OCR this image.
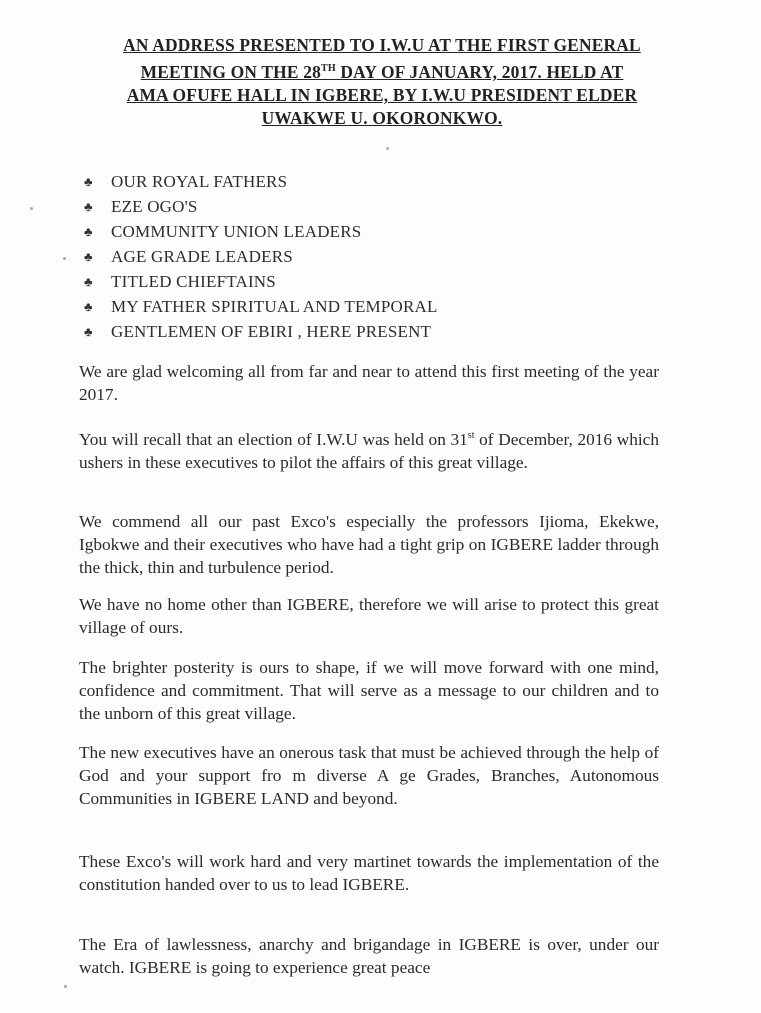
AN ADDRESS PRESENTED TO I.W.U AT THE FIRST GENERAL
MEETING ON THE 28TH DAY OF JANUARY, 2017. HELD AT
AMA OFUFE HALL IN IGBERE, BY I.W.U PRESIDENT ELDER
UWAKWE U. OKORONKWO.
♣ OUR ROYAL FATHERS
♣ EZE OGO'S
♣ COMMUNITY UNION LEADERS
♣ AGE GRADE LEADERS
♣ TITLED CHIEFTAINS
♣ MY FATHER SPIRITUAL AND TEMPORAL
♣ GENTLEMEN OF EBIRI , HERE PRESENT

We are glad welcoming all from far and near to attend this first meeting of the year 2017.

You will recall that an election of I.W.U was held on 31st of December, 2016 which ushers in these executives to pilot the affairs of this great village.

We commend all our past Exco's especially the professors Ijioma, Ekekwe, Igbokwe and their executives who have had a tight grip on IGBERE ladder through the thick, thin and turbulence period.

We have no home other than IGBERE, therefore we will arise to protect this great village of ours.

The brighter posterity is ours to shape, if we will move forward with one mind, confidence and commitment. That will serve as a message to our children and to the unborn of this great village.

The new executives have an onerous task that must be achieved through the help of God and your support fro m diverse A ge Grades, Branches, Autonomous Communities in IGBERE LAND and beyond.

These Exco's will work hard and very martinet towards the implementation of the constitution handed over to us to lead IGBERE.

The Era of lawlessness, anarchy and brigandage in IGBERE is over, under our watch. IGBERE is going to experience great peace
